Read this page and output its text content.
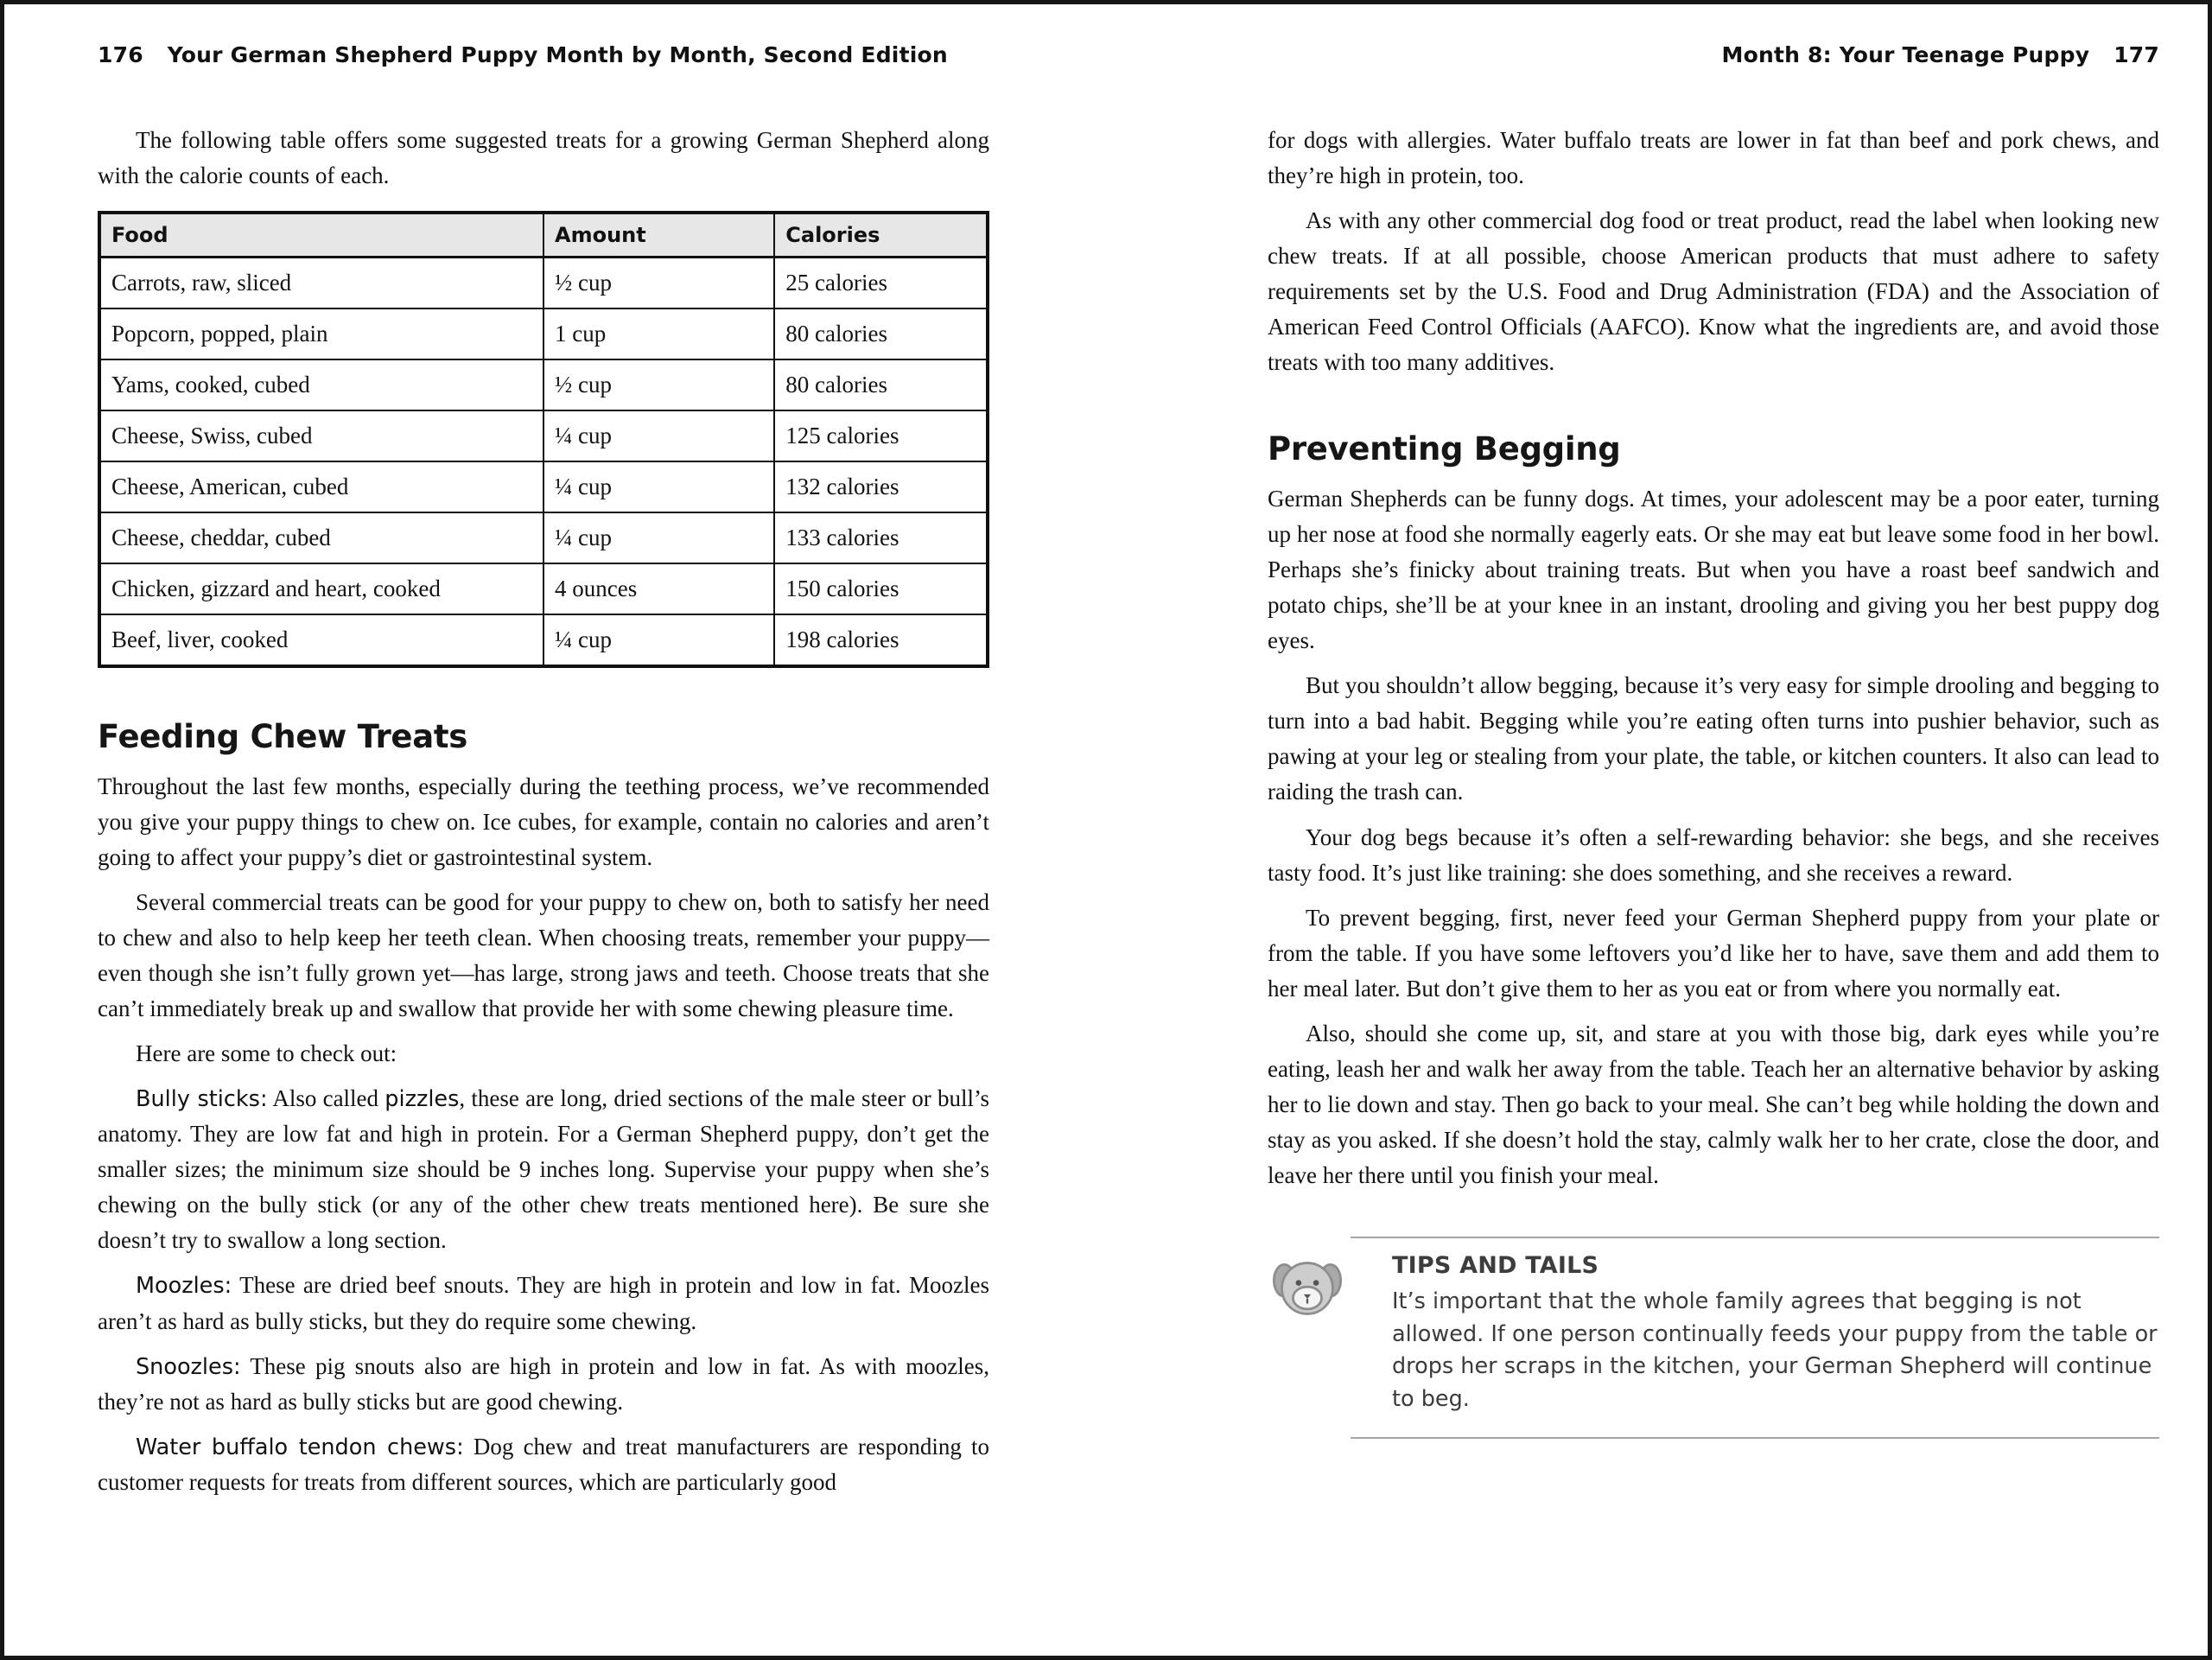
176 Your German Shepherd Puppy Month by Month, Second Edition

The following table offers some suggested treats for a growing German Shepherd along with the calorie counts of each.

Food	Amount	Calories
Carrots, raw, sliced	½ cup	25 calories
Popcorn, popped, plain	1 cup	80 calories
Yams, cooked, cubed	½ cup	80 calories
Cheese, Swiss, cubed	¼ cup	125 calories
Cheese, American, cubed	¼ cup	132 calories
Cheese, cheddar, cubed	¼ cup	133 calories
Chicken, gizzard and heart, cooked	4 ounces	150 calories
Beef, liver, cooked	¼ cup	198 calories
Feeding Chew Treats

Throughout the last few months, especially during the teething process, we’ve recommended you give your puppy things to chew on. Ice cubes, for example, contain no calories and aren’t going to affect your puppy’s diet or gastrointestinal system.

Several commercial treats can be good for your puppy to chew on, both to satisfy her need to chew and also to help keep her teeth clean. When choosing treats, remember your puppy—even though she isn’t fully grown yet—has large, strong jaws and teeth. Choose treats that she can’t immediately break up and swallow that provide her with some chewing pleasure time.

Here are some to check out:

Bully sticks: Also called pizzles, these are long, dried sections of the male steer or bull’s anatomy. They are low fat and high in protein. For a German Shepherd puppy, don’t get the smaller sizes; the minimum size should be 9 inches long. Supervise your puppy when she’s chewing on the bully stick (or any of the other chew treats mentioned here). Be sure she doesn’t try to swallow a long section.

Moozles: These are dried beef snouts. They are high in protein and low in fat. Moozles aren’t as hard as bully sticks, but they do require some chewing.

Snoozles: These pig snouts also are high in protein and low in fat. As with moozles, they’re not as hard as bully sticks but are good chewing.

Water buffalo tendon chews: Dog chew and treat manufacturers are responding to customer requests for treats from different sources, which are particularly good

Month 8: Your Teenage Puppy 177

for dogs with allergies. Water buffalo treats are lower in fat than beef and pork chews, and they’re high in protein, too.

As with any other commercial dog food or treat product, read the label when looking new chew treats. If at all possible, choose American products that must adhere to safety requirements set by the U.S. Food and Drug Administration (FDA) and the Association of American Feed Control Officials (AAFCO). Know what the ingredients are, and avoid those treats with too many additives.

Preventing Begging

German Shepherds can be funny dogs. At times, your adolescent may be a poor eater, turning up her nose at food she normally eagerly eats. Or she may eat but leave some food in her bowl. Perhaps she’s finicky about training treats. But when you have a roast beef sandwich and potato chips, she’ll be at your knee in an instant, drooling and giving you her best puppy dog eyes.

But you shouldn’t allow begging, because it’s very easy for simple drooling and begging to turn into a bad habit. Begging while you’re eating often turns into pushier behavior, such as pawing at your leg or stealing from your plate, the table, or kitchen counters. It also can lead to raiding the trash can.

Your dog begs because it’s often a self-rewarding behavior: she begs, and she receives tasty food. It’s just like training: she does something, and she receives a reward.

To prevent begging, first, never feed your German Shepherd puppy from your plate or from the table. If you have some leftovers you’d like her to have, save them and add them to her meal later. But don’t give them to her as you eat or from where you normally eat.

Also, should she come up, sit, and stare at you with those big, dark eyes while you’re eating, leash her and walk her away from the table. Teach her an alternative behavior by asking her to lie down and stay. Then go back to your meal. She can’t beg while holding the down and stay as you asked. If she doesn’t hold the stay, calmly walk her to her crate, close the door, and leave her there until you finish your meal.

TIPS AND TAILS
It’s important that the whole family agrees that begging is not allowed. If one person continually feeds your puppy from the table or drops her scraps in the kitchen, your German Shepherd will continue to beg.
